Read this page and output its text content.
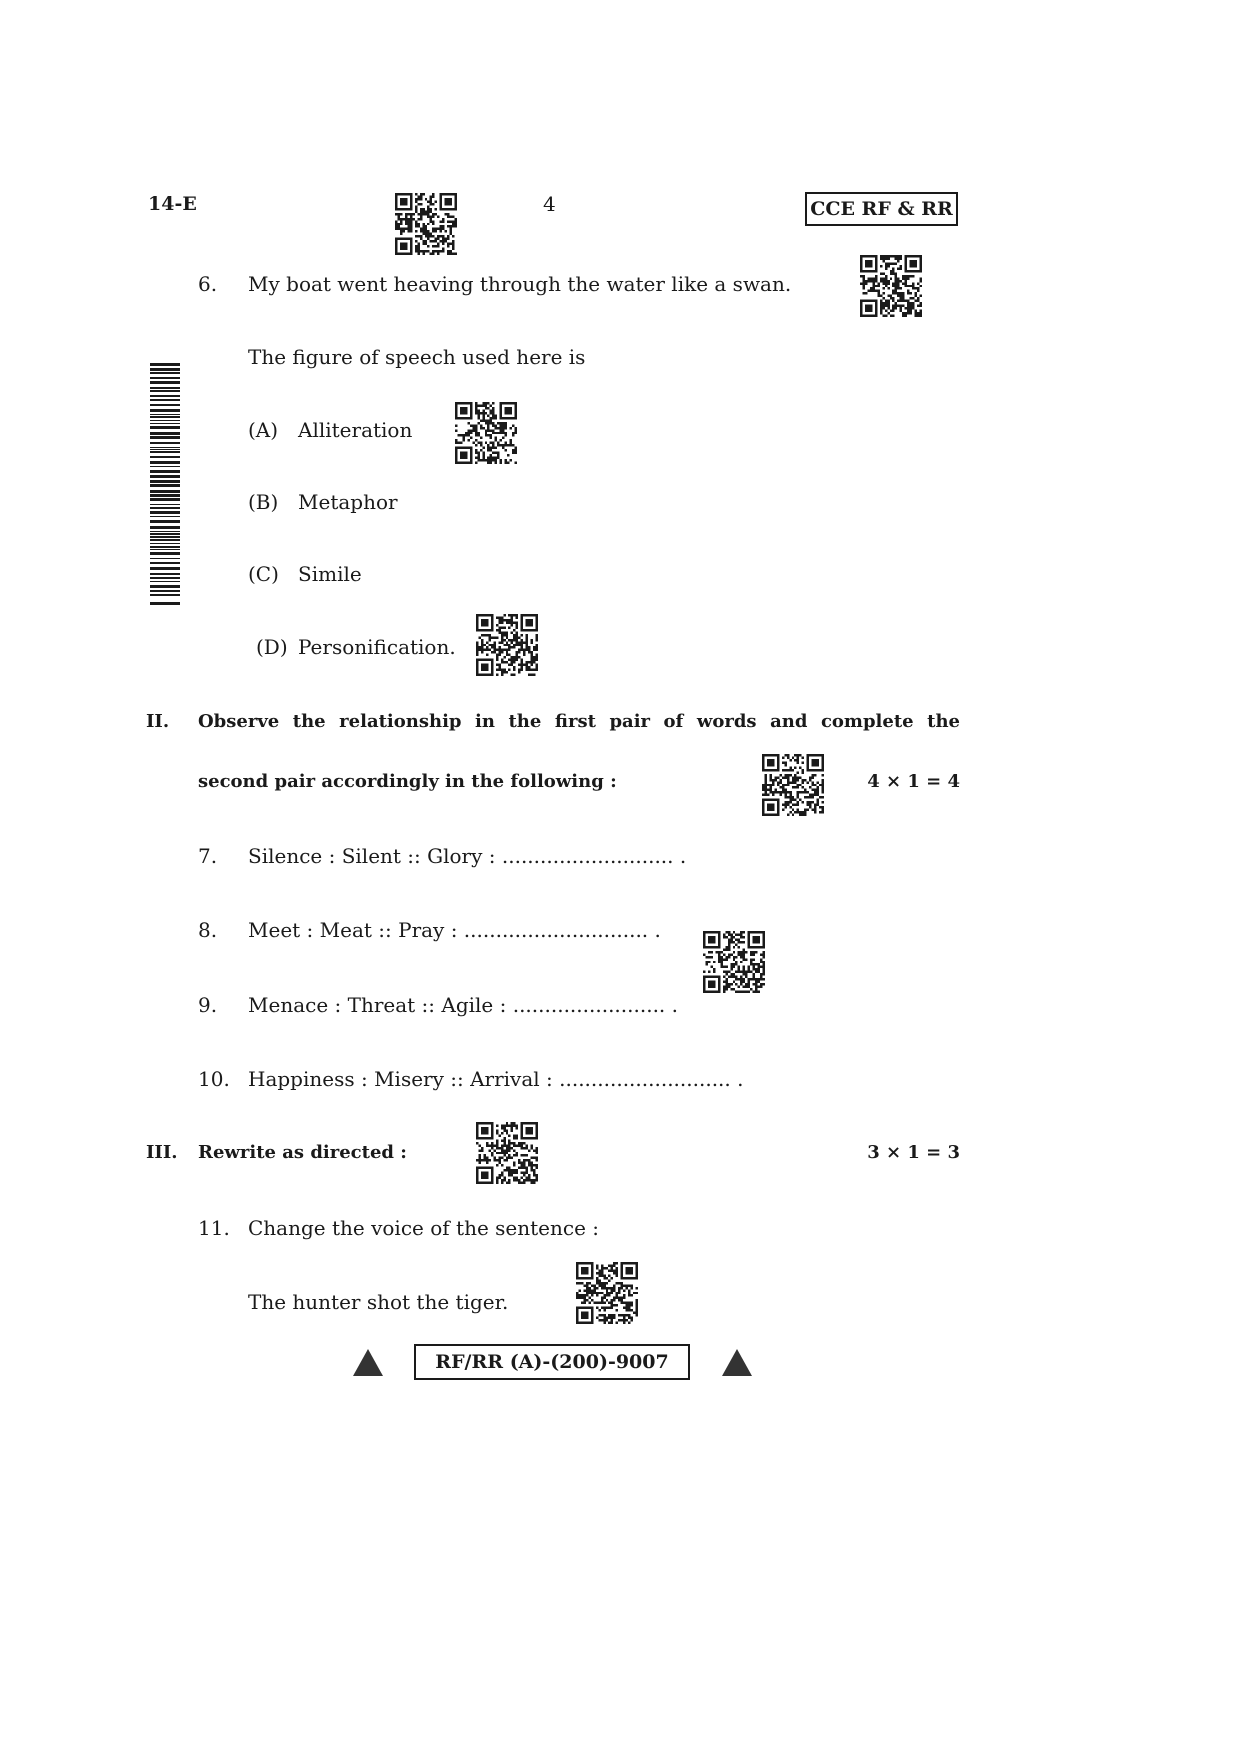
14-E	4	CCE RF & RR
6. My boat went heaving through the water like a swan.
The figure of speech used here is
(A) Alliteration
(B) Metaphor
(C) Simile
(D) Personification.
II. Observe the relationship in the first pair of words and complete the
second pair accordingly in the following :	4 × 1 = 4
7. Silence : Silent :: Glory : ........................... .
8. Meet : Meat :: Pray : ............................. .
9. Menace : Threat :: Agile : ........................ .
10. Happiness : Misery :: Arrival : ........................... .
III. Rewrite as directed :	3 × 1 = 3
11. Change the voice of the sentence :
The hunter shot the tiger.
RF/RR (A)-(200)-9007
